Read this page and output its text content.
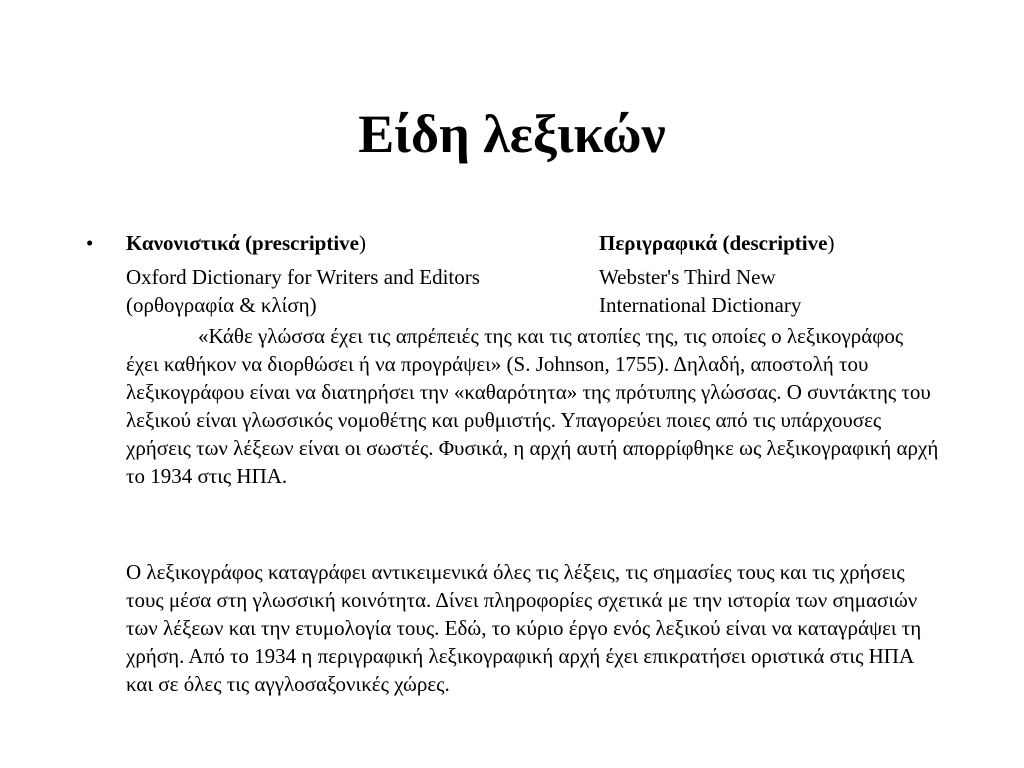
Είδη λεξικών
• Κανονιστικά (prescriptive)
Oxford Dictionary for Writers and Editors
(ορθογραφία & κλίση)
Περιγραφικά (descriptive)
Webster's Third New
International Dictionary

«Κάθε γλώσσα έχει τις απρέπειές της και τις ατοπίες της, τις οποίες ο λεξικογράφος έχει καθήκον να διορθώσει ή να προγράψει» (S. Johnson, 1755). Δηλαδή, αποστολή του λεξικογράφου είναι να διατηρήσει την «καθαρότητα» της πρότυπης γλώσσας. Ο συντάκτης του λεξικού είναι γλωσσικός νομοθέτης και ρυθμιστής. Υπαγορεύει ποιες από τις υπάρχουσες χρήσεις των λέξεων είναι οι σωστές. Φυσικά, η αρχή αυτή απορρίφθηκε ως λεξικογραφική αρχή το 1934 στις ΗΠΑ.

Ο λεξικογράφος καταγράφει αντικειμενικά όλες τις λέξεις, τις σημασίες τους και τις χρήσεις τους μέσα στη γλωσσική κοινότητα. Δίνει πληροφορίες σχετικά με την ιστορία των σημασιών των λέξεων και την ετυμολογία τους. Εδώ, το κύριο έργο ενός λεξικού είναι να καταγράψει τη χρήση. Από το 1934 η περιγραφική λεξικογραφική αρχή έχει επικρατήσει οριστικά στις ΗΠΑ και σε όλες τις αγγλοσαξονικές χώρες.
